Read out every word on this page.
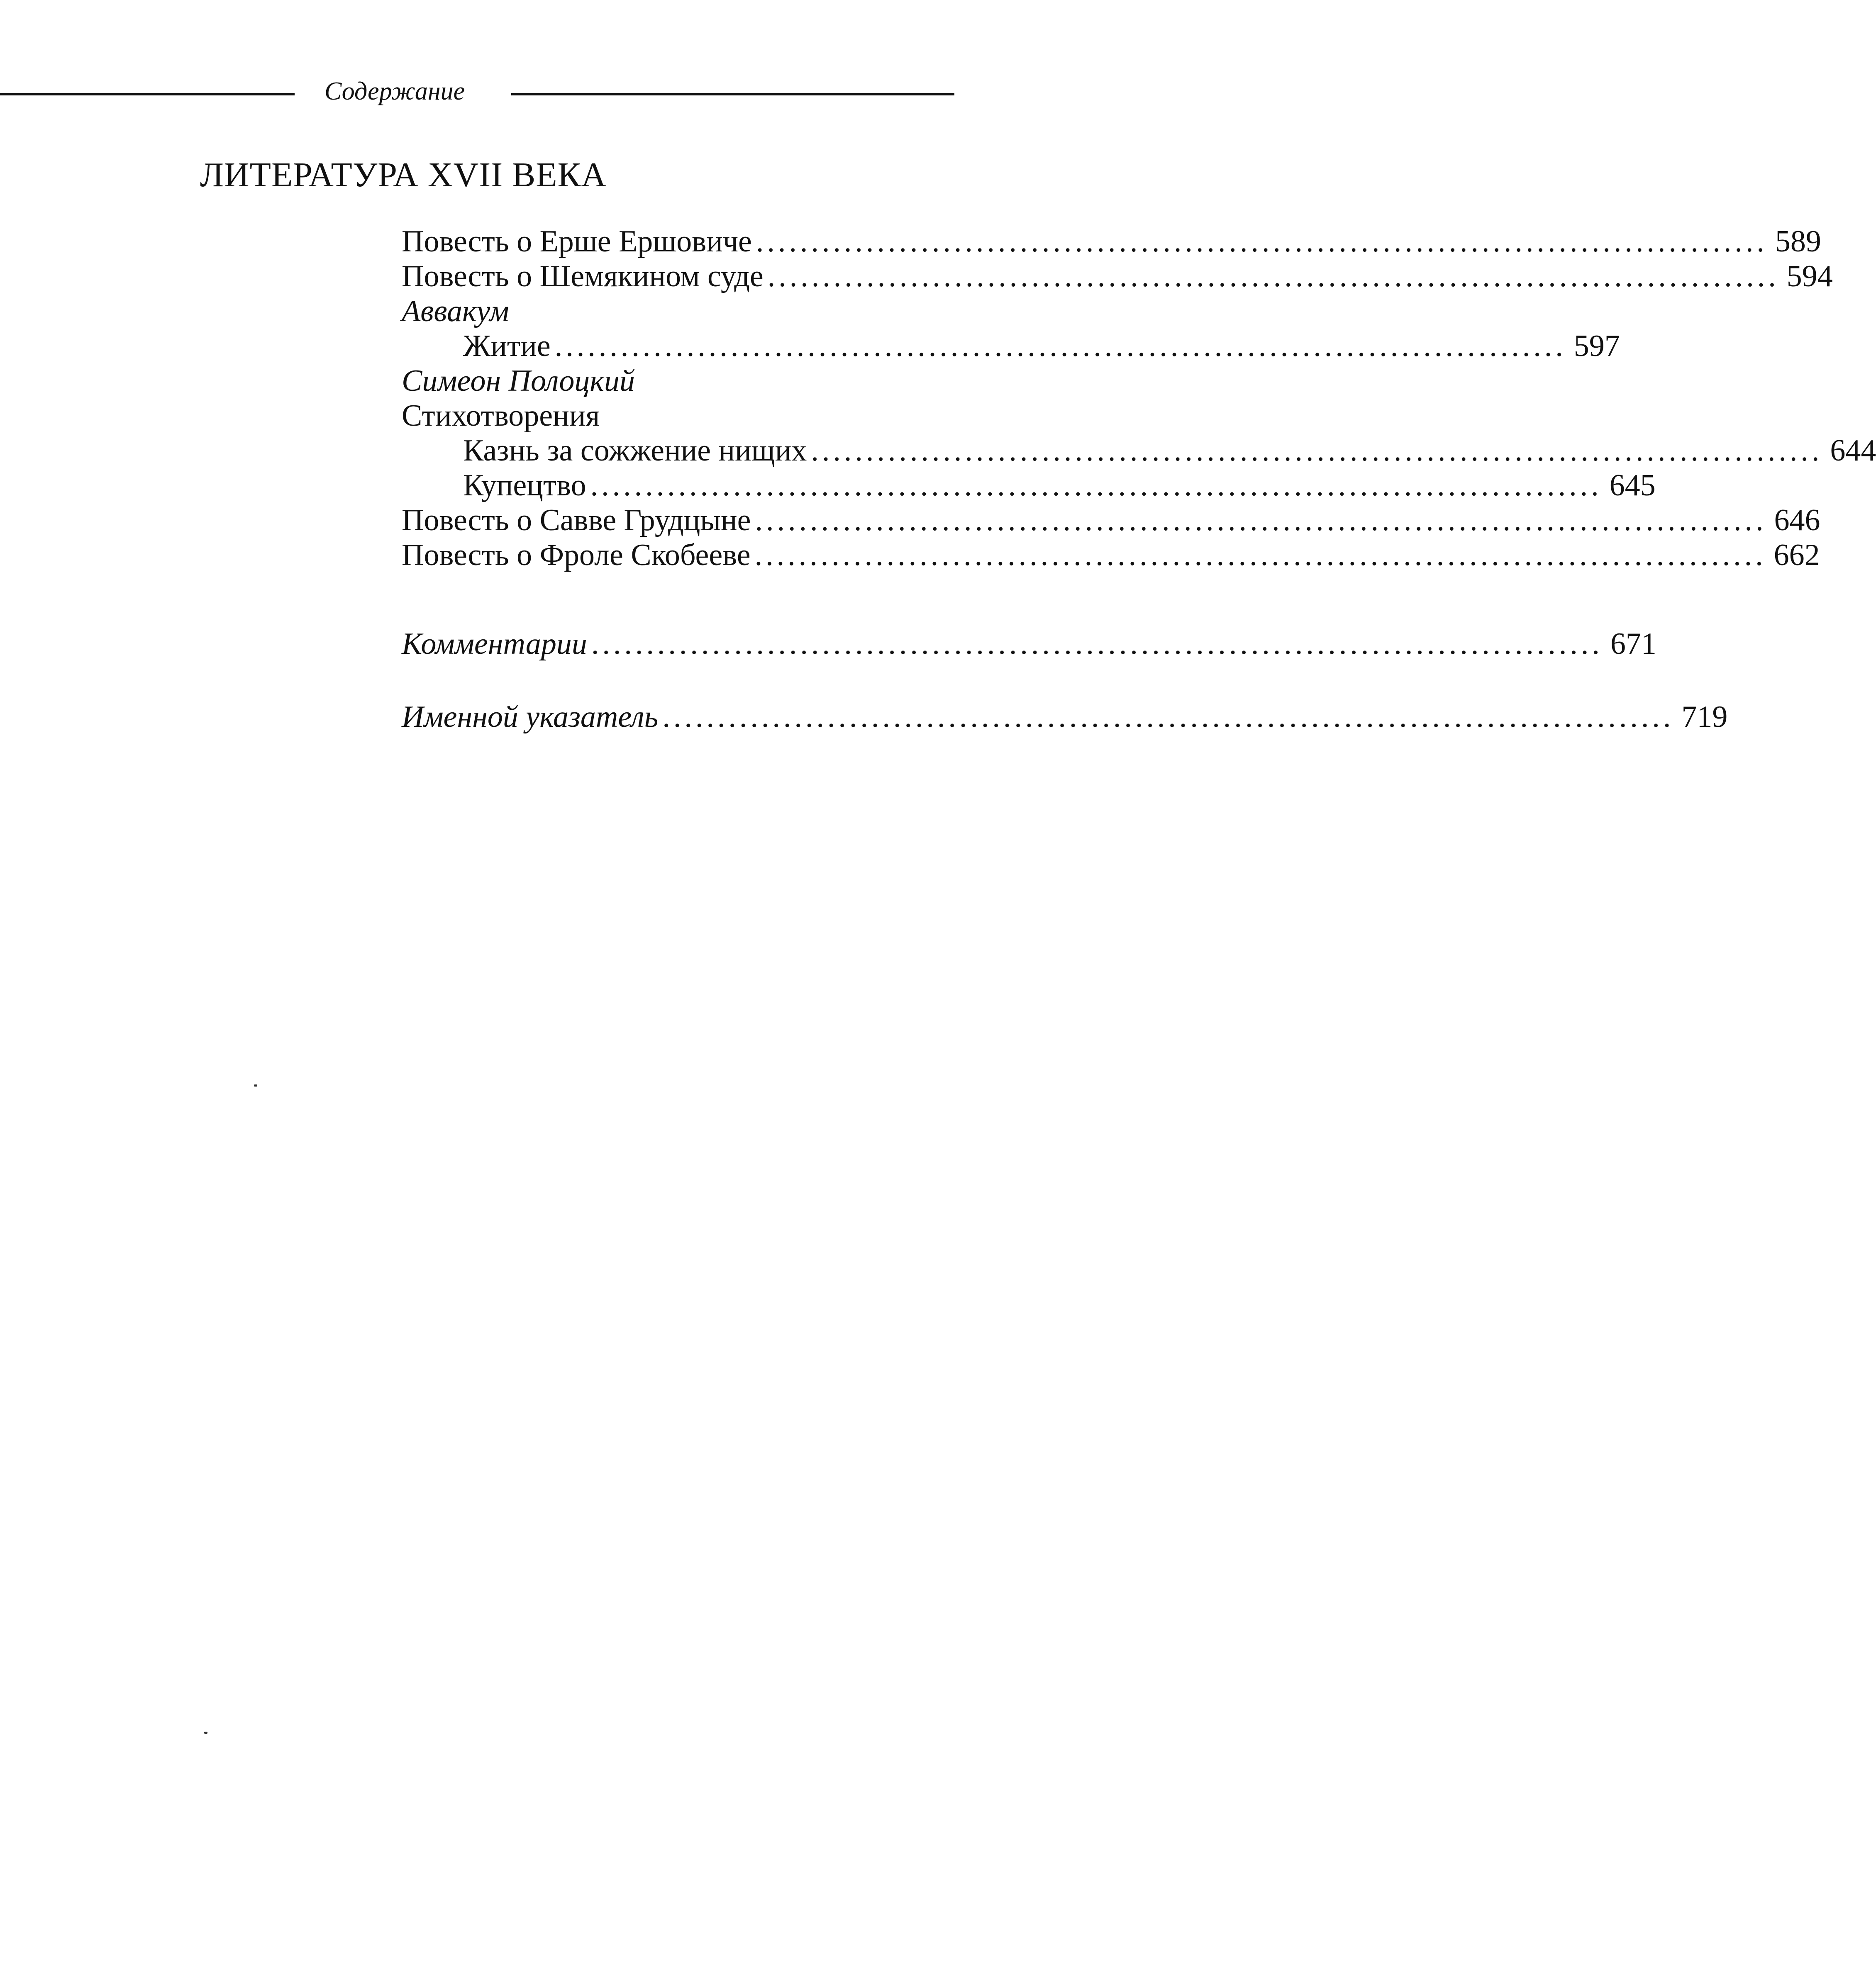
Содержание
ЛИТЕРАТУРА XVII ВЕКА
Повесть о Ерше Ершовиче ............................................................................................ 589
Повесть о Шемякином суде ............................................................................................ 594
Аввакум
Житие ............................................................................................ 597
Симеон Полоцкий
Стихотворения
Казнь за сожжение нищих ............................................................................................ 644
Купецтво ............................................................................................ 645
Повесть о Савве Грудцыне ............................................................................................ 646
Повесть о Фроле Скобееве ............................................................................................ 662
Комментарии ............................................................................................ 671
Именной указатель ............................................................................................ 719
